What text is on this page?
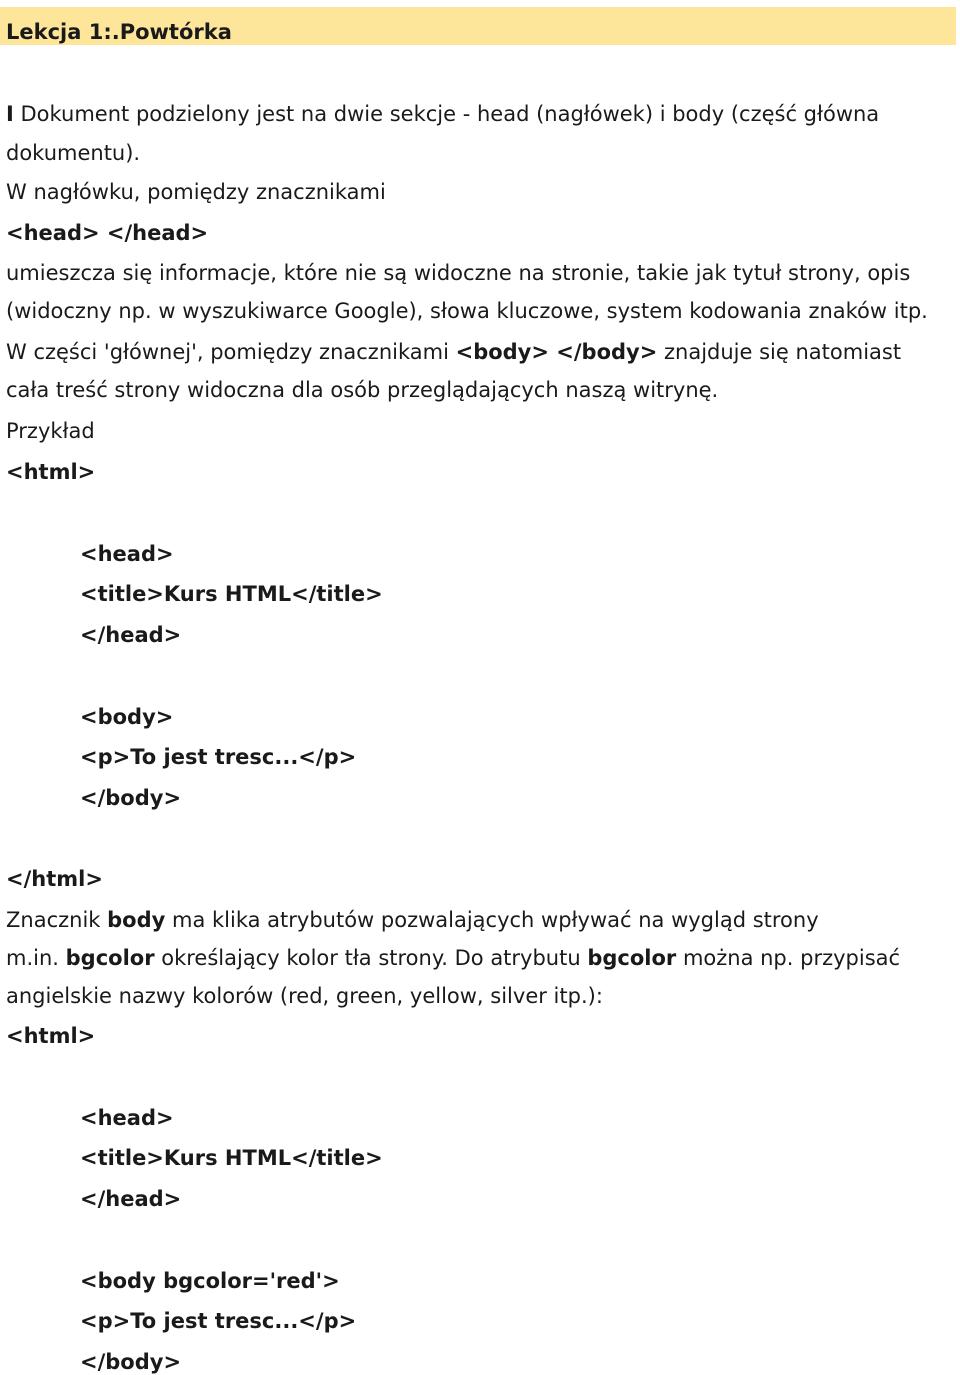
Lekcja 1:.Powtórka
I Dokument podzielony jest na dwie sekcje - head (nagłówek) i body (część główna
dokumentu).
W nagłówku, pomiędzy znacznikami
<head> </head>
umieszcza się informacje, które nie są widoczne na stronie, takie jak tytuł strony, opis
(widoczny np. w wyszukiwarce Google), słowa kluczowe, system kodowania znaków itp.
W części 'głównej', pomiędzy znacznikami <body> </body> znajduje się natomiast
cała treść strony widoczna dla osób przeglądających naszą witrynę.
Przykład
<html>
<head>
<title>Kurs HTML</title>
</head>
<body>
<p>To jest tresc...</p>
</body>
</html>
Znacznik body ma klika atrybutów pozwalających wpływać na wygląd strony
m.in. bgcolor określający kolor tła strony. Do atrybutu bgcolor można np. przypisać
angielskie nazwy kolorów (red, green, yellow, silver itp.):
<html>
<head>
<title>Kurs HTML</title>
</head>
<body bgcolor='red'>
<p>To jest tresc...</p>
</body>
